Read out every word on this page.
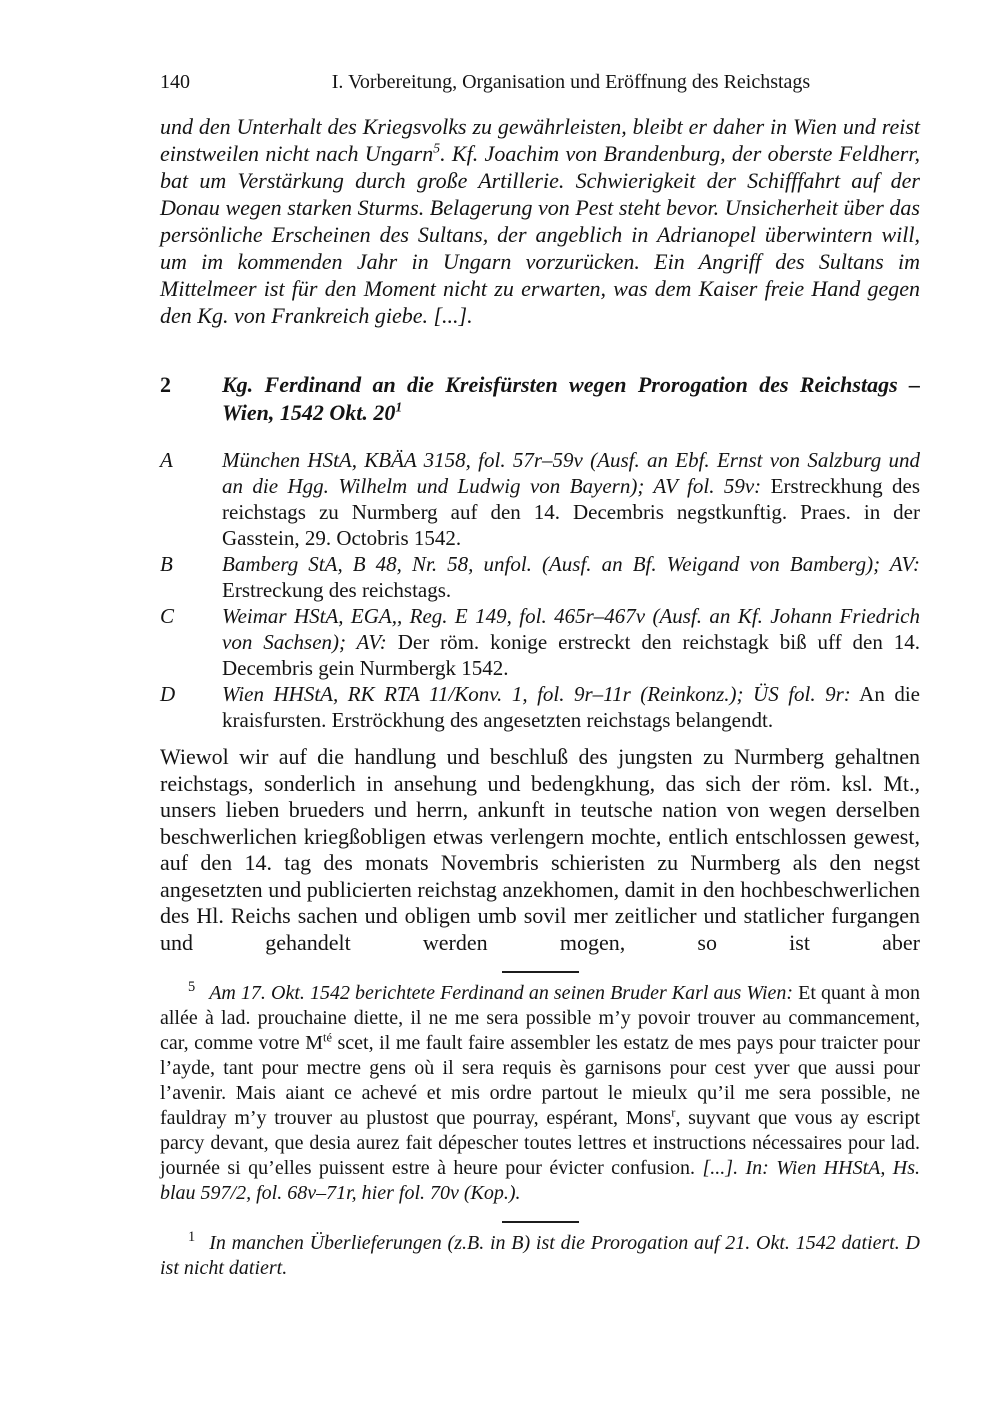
140	I. Vorbereitung, Organisation und Eröffnung des Reichstags

und den Unterhalt des Kriegsvolks zu gewährleisten, bleibt er daher in Wien und reist einstweilen nicht nach Ungarn$^5$. Kf. Joachim von Brandenburg, der oberste Feldherr, bat um Verstärkung durch große Artillerie. Schwierigkeit der Schifffahrt auf der Donau wegen starken Sturms. Belagerung von Pest steht bevor. Unsicherheit über das persönliche Erscheinen des Sultans, der angeblich in Adrianopel überwintern will, um im kommenden Jahr in Ungarn vorzurücken. Ein Angriff des Sultans im Mittelmeer ist für den Moment nicht zu erwarten, was dem Kaiser freie Hand gegen den Kg. von Frankreich giebe. [...].

2	Kg. Ferdinand an die Kreisfürsten wegen Prorogation des Reichstags – Wien, 1542 Okt. $20^1$
A	München HStA, KBÄA 3158, fol. 57r–59v (Ausf. an Ebf. Ernst von Salzburg und an die Hgg. Wilhelm und Ludwig von Bayern); AV fol. 59v: Erstreckhung des reichstags zu Nurmberg auf den 14. Decembris negstkunftig. Praes. in der Gasstein, 29. Octobris 1542.

B	Bamberg StA, B 48, Nr. 58, unfol. (Ausf. an Bf. Weigand von Bamberg); AV: Erstreckung des reichstags.

C	Weimar HStA, EGA,, Reg. E 149, fol. 465r–467v (Ausf. an Kf. Johann Friedrich von Sachsen); AV: Der röm. konige erstreckt den reichstagk biß uff den 14. Decembris gein Nurmbergk 1542.

D	Wien HHStA, RK RTA 11/Konv. 1, fol. 9r–11r (Reinkonz.); ÜS fol. 9r: An die kraisfursten. Erströckhung des angesetzten reichstags belangendt.

Wiewol wir auf die handlung und beschluß des jungsten zu Nurmberg gehaltnen reichstags, sonderlich in ansehung und bedengkhung, das sich der röm. ksl. Mt., unsers lieben brueders und herrn, ankunft in teutsche nation von wegen derselben beschwerlichen kriegßobligen etwas verlengern mochte, entlich entschlossen gewest, auf den 14. tag des monats Novembris schieristen zu Nurmberg als den negst angesetzten und publicierten reichstag anzekhomen, damit in den hochbeschwerlichen des Hl. Reichs sachen und obligen umb sovil mer zeitlicher und statlicher furgangen und gehandelt werden mogen, so ist aber

$^5$ Am 17. Okt. 1542 berichtete Ferdinand an seinen Bruder Karl aus Wien: Et quant à mon allée à lad. prouchaine diette, il ne me sera possible m’y povoir trouver au commancement, car, comme votre $M^{té}$ scet, il me fault faire assembler les estatz de mes pays pour traicter pour l’ayde, tant pour mectre gens où il sera requis ès garnisons pour cest yver que aussi pour l’avenir. Mais aiant ce achevé et mis ordre partout le mieulx qu’il me sera possible, ne fauldray m’y trouver au plustost que pourray, espérant, Mons$^r$, suyvant que vous ay escript parcy devant, que desia aurez fait dépescher toutes lettres et instructions nécessaires pour lad. journée si qu’elles puissent estre à heure pour évicter confusion. [...]. In: Wien HHStA, Hs. blau 597/2, fol. 68v–71r, hier fol. 70v (Kop.).

$^1$ In manchen Überlieferungen (z.B. in B) ist die Prorogation auf 21. Okt. 1542 datiert. D ist nicht datiert.
